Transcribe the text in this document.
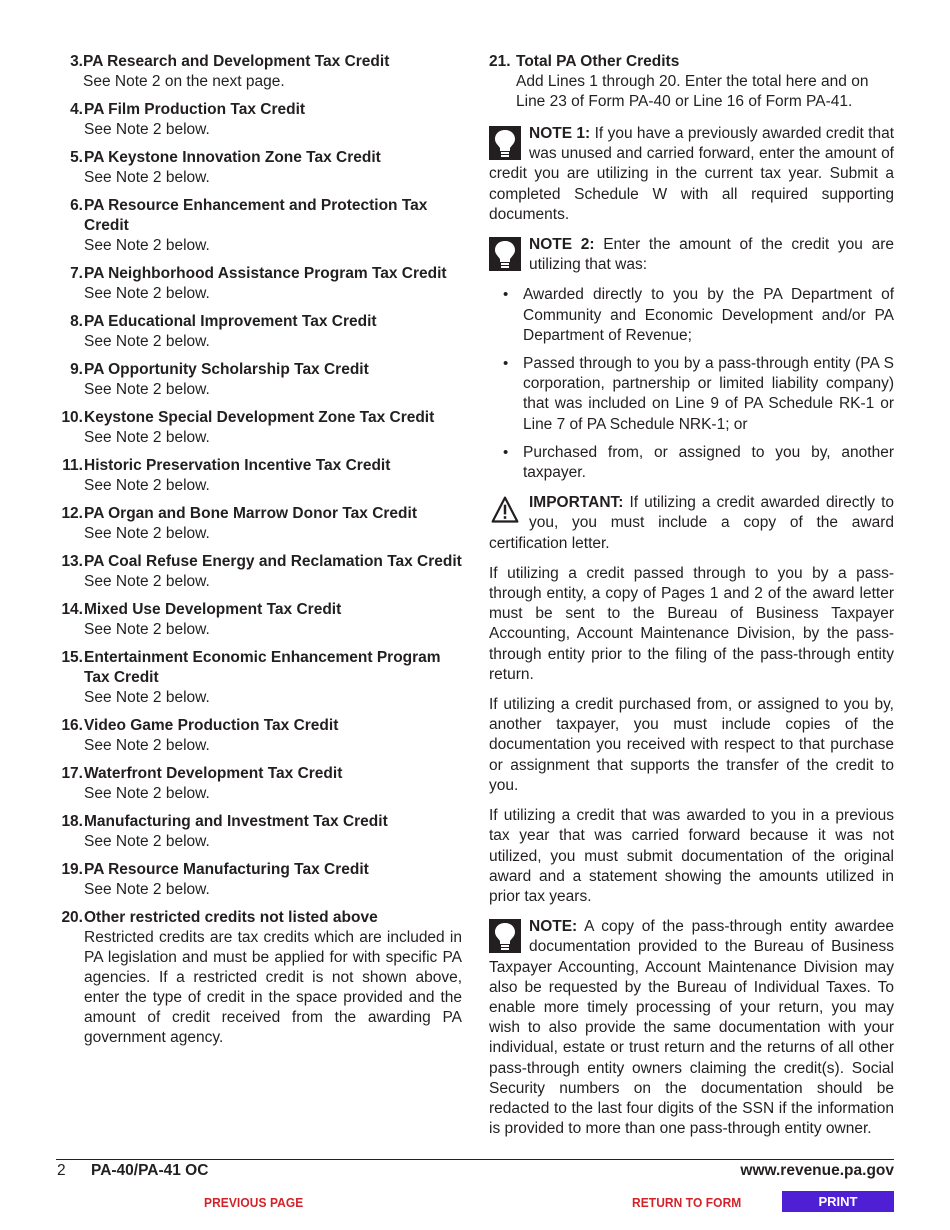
3. PA Research and Development Tax Credit
See Note 2 on the next page.
4. PA Film Production Tax Credit
See Note 2 below.
5. PA Keystone Innovation Zone Tax Credit
See Note 2 below.
6. PA Resource Enhancement and Protection Tax Credit
See Note 2 below.
7. PA Neighborhood Assistance Program Tax Credit
See Note 2 below.
8. PA Educational Improvement Tax Credit
See Note 2 below.
9. PA Opportunity Scholarship Tax Credit
See Note 2 below.
10. Keystone Special Development Zone Tax Credit
See Note 2 below.
11. Historic Preservation Incentive Tax Credit
See Note 2 below.
12. PA Organ and Bone Marrow Donor Tax Credit
See Note 2 below.
13. PA Coal Refuse Energy and Reclamation Tax Credit
See Note 2 below.
14. Mixed Use Development Tax Credit
See Note 2 below.
15. Entertainment Economic Enhancement Program Tax Credit
See Note 2 below.
16. Video Game Production Tax Credit
See Note 2 below.
17. Waterfront Development Tax Credit
See Note 2 below.
18. Manufacturing and Investment Tax Credit
See Note 2 below.
19. PA Resource Manufacturing Tax Credit
See Note 2 below.
20. Other restricted credits not listed above
Restricted credits are tax credits which are included in PA legislation and must be applied for with specific PA agencies. If a restricted credit is not shown above, enter the type of credit in the space provided and the amount of credit received from the awarding PA government agency.
21. Total PA Other Credits
Add Lines 1 through 20. Enter the total here and on Line 23 of Form PA-40 or Line 16 of Form PA-41.
NOTE 1: If you have a previously awarded credit that was unused and carried forward, enter the amount of credit you are utilizing in the current tax year. Submit a completed Schedule W with all required supporting documents.
NOTE 2: Enter the amount of the credit you are utilizing that was:
• Awarded directly to you by the PA Department of Community and Economic Development and/or PA Department of Revenue;
• Passed through to you by a pass-through entity (PA S corporation, partnership or limited liability company) that was included on Line 9 of PA Schedule RK-1 or Line 7 of PA Schedule NRK-1; or
• Purchased from, or assigned to you by, another taxpayer.
IMPORTANT: If utilizing a credit awarded directly to you, you must include a copy of the award certification letter.

If utilizing a credit passed through to you by a pass-through entity, a copy of Pages 1 and 2 of the award letter must be sent to the Bureau of Business Taxpayer Accounting, Account Maintenance Division, by the pass-through entity prior to the filing of the pass-through entity return.

If utilizing a credit purchased from, or assigned to you by, another taxpayer, you must include copies of the documentation you received with respect to that purchase or assignment that supports the transfer of the credit to you.

If utilizing a credit that was awarded to you in a previous tax year that was carried forward because it was not utilized, you must submit documentation of the original award and a statement showing the amounts utilized in prior tax years.

NOTE: A copy of the pass-through entity awardee documentation provided to the Bureau of Business Taxpayer Accounting, Account Maintenance Division may also be requested by the Bureau of Individual Taxes. To enable more timely processing of your return, you may wish to also provide the same documentation with your individual, estate or trust return and the returns of all other pass-through entity owners claiming the credit(s). Social Security numbers on the documentation should be redacted to the last four digits of the SSN if the information is provided to more than one pass-through entity owner.
2 PA-40/PA-41 OC	www.revenue.pa.gov
PREVIOUS PAGE	RETURN TO FORM	PRINT
